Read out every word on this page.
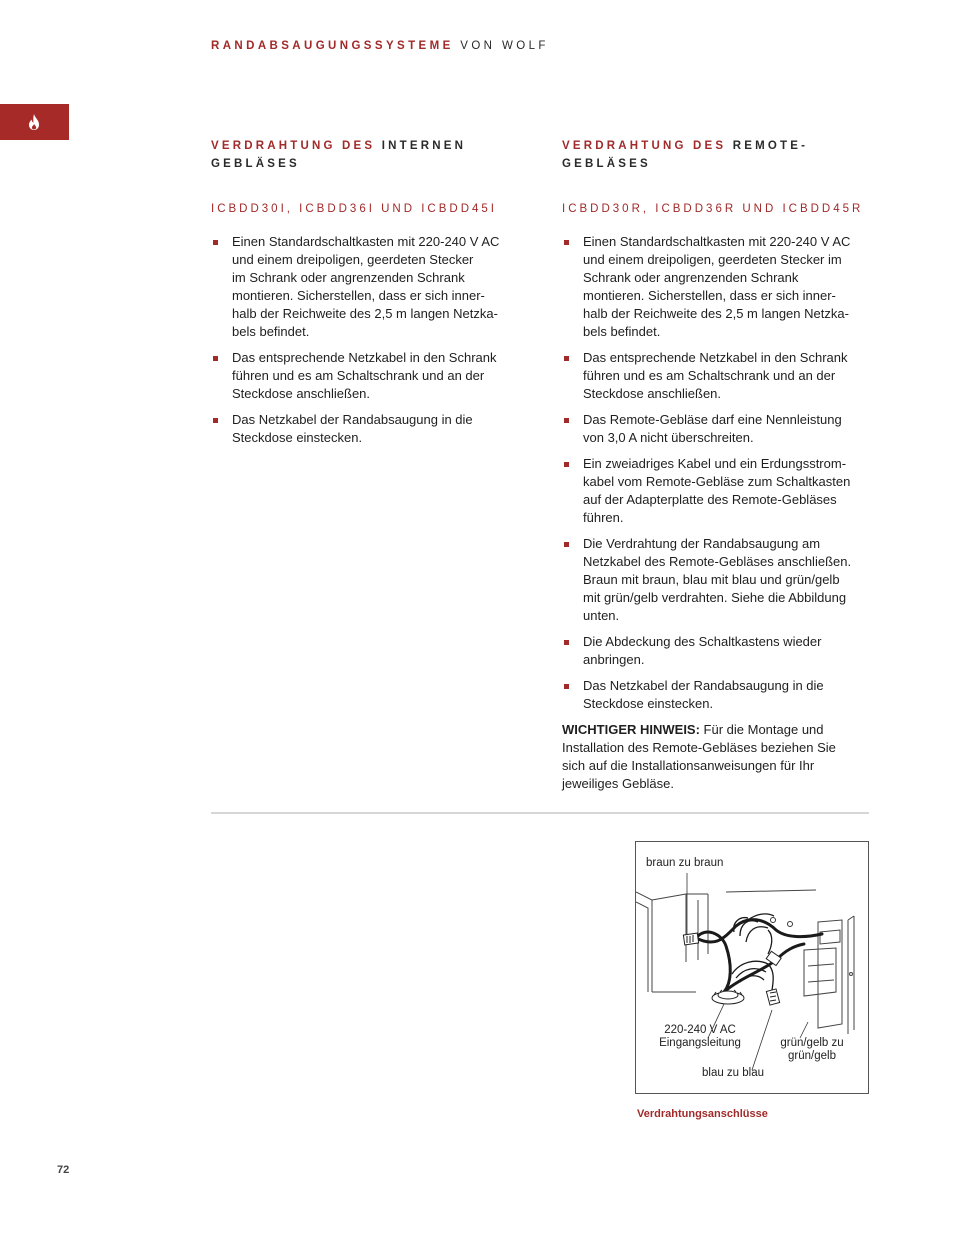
RANDABSAUGUNGSSYSTEME VON WOLF
VERDRAHTUNG DES INTERNEN GEBLÄSES
ICBDD30I, ICBDD36I UND ICBDD45I
Einen Standardschaltkasten mit 220-240 V AC
und einem dreipoligen, geerdeten Stecker
im Schrank oder angrenzenden Schrank
montieren. Sicherstellen, dass er sich inner-
halb der Reichweite des 2,5 m langen Netzka-
bels befindet.
Das entsprechende Netzkabel in den Schrank
führen und es am Schaltschrank und an der
Steckdose anschließen.
Das Netzkabel der Randabsaugung in die
Steckdose einstecken.
VERDRAHTUNG DES REMOTE-GEBLÄSES
ICBDD30R, ICBDD36R UND ICBDD45R
Einen Standardschaltkasten mit 220-240 V AC
und einem dreipoligen, geerdeten Stecker im
Schrank oder angrenzenden Schrank
montieren. Sicherstellen, dass er sich inner-
halb der Reichweite des 2,5 m langen Netzka-
bels befindet.
Das entsprechende Netzkabel in den Schrank
führen und es am Schaltschrank und an der
Steckdose anschließen.
Das Remote-Gebläse darf eine Nennleistung
von 3,0 A nicht überschreiten.
Ein zweiadriges Kabel und ein Erdungsstrom-
kabel vom Remote-Gebläse zum Schaltkasten
auf der Adapterplatte des Remote-Gebläses
führen.
Die Verdrahtung der Randabsaugung am
Netzkabel des Remote-Gebläses anschließen.
Braun mit braun, blau mit blau und grün/gelb
mit grün/gelb verdrahten. Siehe die Abbildung
unten.
Die Abdeckung des Schaltkastens wieder
anbringen.
Das Netzkabel der Randabsaugung in die
Steckdose einstecken.

WICHTIGER HINWEIS: Für die Montage und
Installation des Remote-Gebläses beziehen Sie
sich auf die Installationsanweisungen für Ihr
jeweiliges Gebläse.

braun zu braun
220-240 V AC
Eingangsleitung	grün/gelb zu
grün/gelb
blau zu blau
Verdrahtungsanschlüsse
72
